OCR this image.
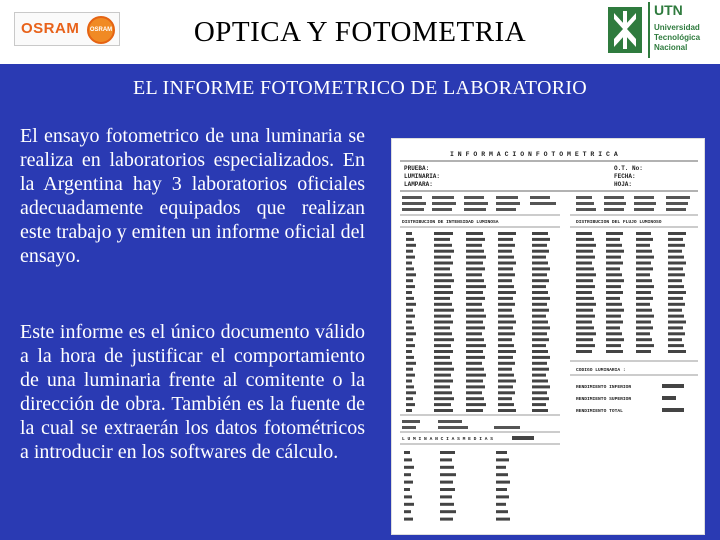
OSRAM OSRAM	OPTICA Y FOTOMETRIA
UTN
Universidad
Tecnológica
Nacional
EL INFORME FOTOMETRICO DE LABORATORIO
El ensayo fotometrico de una luminaria se realiza en laboratorios especializados. En la Argentina hay 3 laboratorios oficiales adecuadamente equipados que realizan este trabajo y emiten un informe oficial del ensayo.
Este informe es el único documento válido a la hora de justificar el comportamiento de una luminaria frente al comitente o la dirección de obra. También es la fuente de la cual se extraerán los datos fotométricos a introducir en los softwares de cálculo.
I N F O R M A C I O N F O T O M E T R I C A
PRUEBA:
LUMINARIA:
LAMPARA:
O.T. No:
FECHA:
HOJA:
DISTRIBUCION DE INTENSIDAD LUMINOSA	DISTRIBUCION DEL FLUJO LUMINOSO
CODIGO LUMINARIA :
RENDIMIENTO INFERIOR
RENDIMIENTO SUPERIOR
RENDIMIENTO TOTAL
L U M I N A N C I A S M E D I A S
